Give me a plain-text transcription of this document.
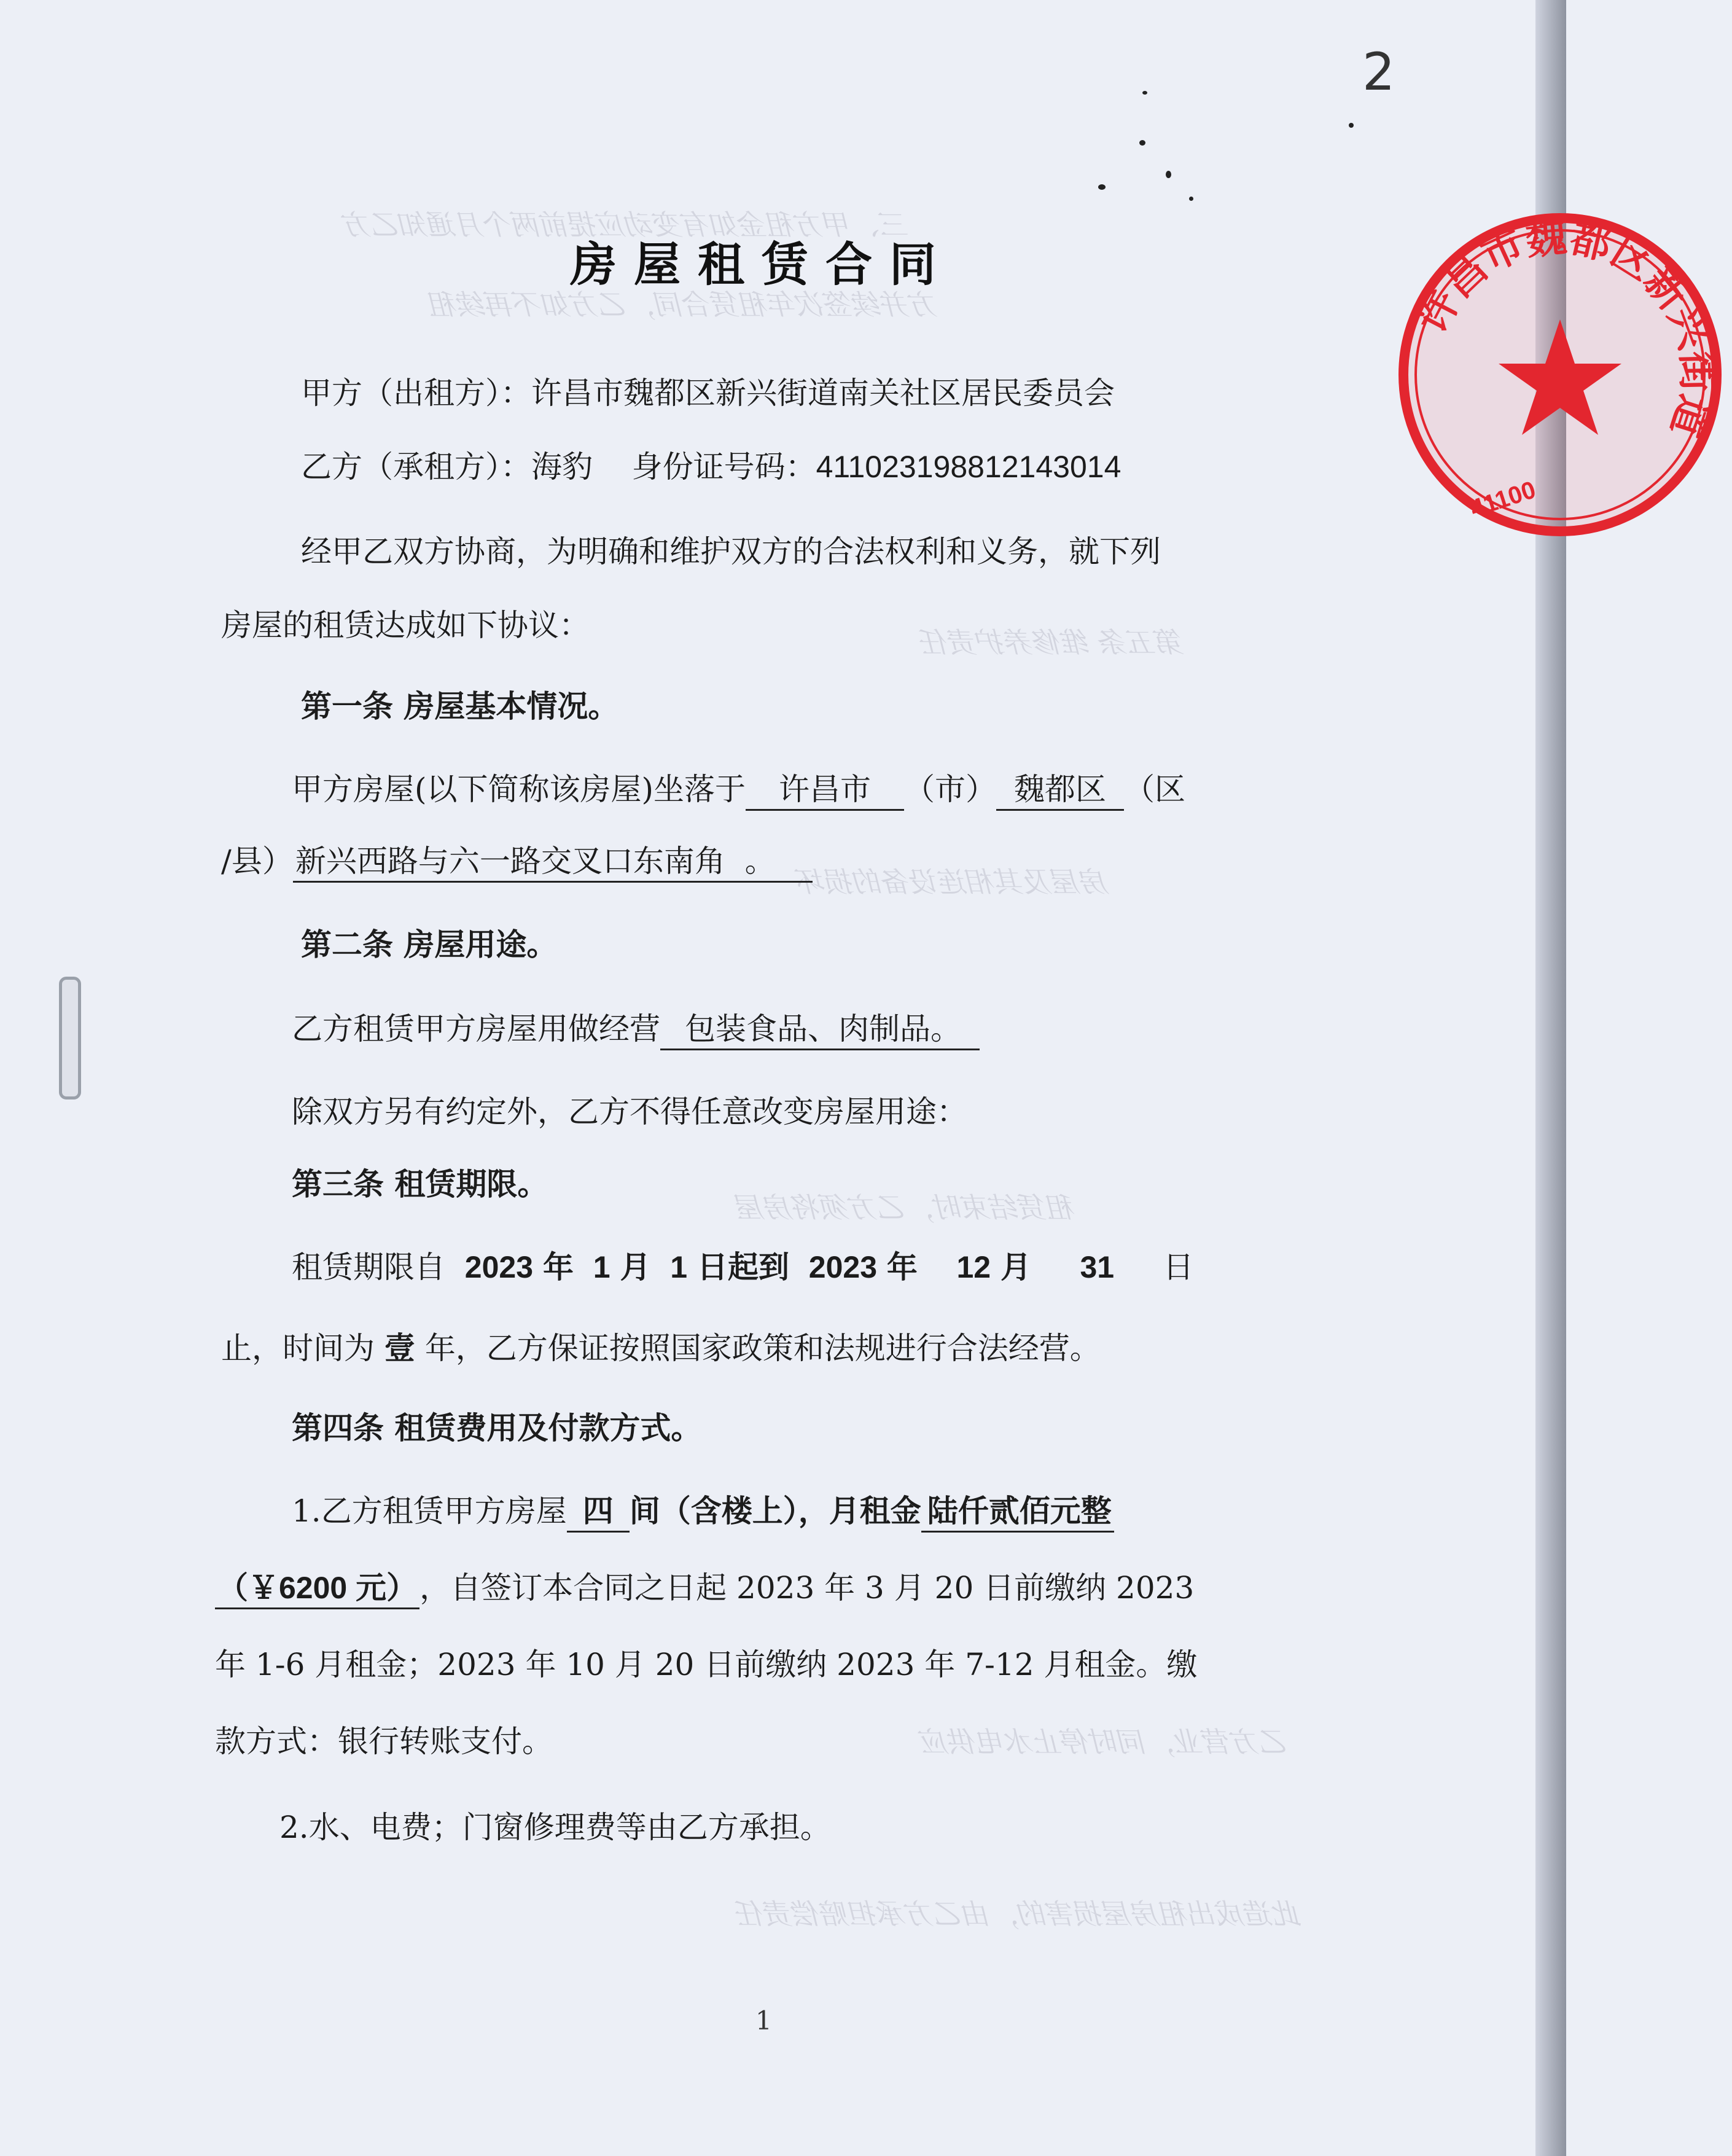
三、甲方租金如有变动应提前两个月通知乙方
方并续签次年租赁合同，乙方如不再续租
第五条 维修养护责任
房屋及其相连设备的损坏
租赁结束时，乙方须将房屋
乙方营业，同时停止水电供应
此造成出租房屋损害的，由乙方承担赔偿责任
2
房屋租赁合同
甲方（出租方）：许昌市魏都区新兴街道南关社区居民委员会
乙方（承租方）：海豹 身份证号码：411023198812143014
经甲乙双方协商，为明确和维护双方的合法权利和义务，就下列
房屋的租赁达成如下协议：
第一条 房屋基本情况。
甲方房屋(以下简称该房屋)坐落于 许昌市 （市） 魏都区 （区
/县）新兴西路与六一路交叉口东南角 。
第二条 房屋用途。
乙方租赁甲方房屋用做经营 包装食品、肉制品。
除双方另有约定外，乙方不得任意改变房屋用途：
第三条 租赁期限。
租赁期限自 2023 年 1 月 1 日起到 2023 年 12 月 31 日
止，时间为 壹 年，乙方保证按照国家政策和法规进行合法经营。
第四条 租赁费用及付款方式。
1.乙方租赁甲方房屋 四 间（含楼上），月租金 陆仟贰佰元整
（￥6200 元），自签订本合同之日起 2023 年 3 月 20 日前缴纳 2023
年 1-6 月租金；2023 年 10 月 20 日前缴纳 2023 年 7-12 月租金。缴
款方式：银行转账支付。
2.水、电费；门窗修理费等由乙方承担。
许昌市魏都区新兴街道
41100
1
